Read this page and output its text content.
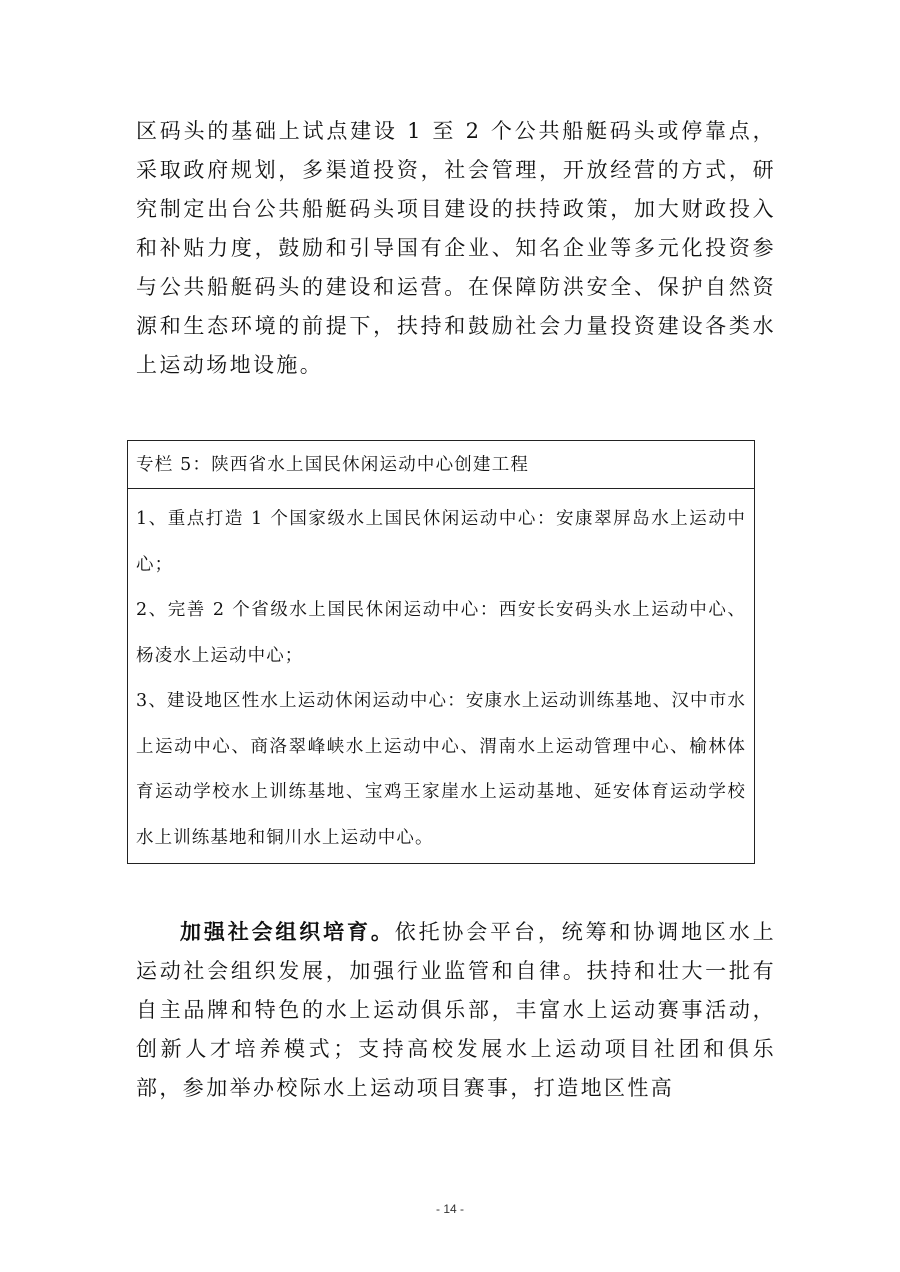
区码头的基础上试点建设 1 至 2 个公共船艇码头或停靠点，采取政府规划，多渠道投资，社会管理，开放经营的方式，研究制定出台公共船艇码头项目建设的扶持政策，加大财政投入和补贴力度，鼓励和引导国有企业、知名企业等多元化投资参与公共船艇码头的建设和运营。在保障防洪安全、保护自然资源和生态环境的前提下，扶持和鼓励社会力量投资建设各类水上运动场地设施。

专栏 5：陕西省水上国民休闲运动中心创建工程

1、重点打造 1 个国家级水上国民休闲运动中心：安康翠屏岛水上运动中心；

2、完善 2 个省级水上国民休闲运动中心：西安长安码头水上运动中心、杨凌水上运动中心；

3、建设地区性水上运动休闲运动中心：安康水上运动训练基地、汉中市水上运动中心、商洛翠峰峡水上运动中心、渭南水上运动管理中心、榆林体育运动学校水上训练基地、宝鸡王家崖水上运动基地、延安体育运动学校水上训练基地和铜川水上运动中心。

加强社会组织培育。依托协会平台，统筹和协调地区水上运动社会组织发展，加强行业监管和自律。扶持和壮大一批有自主品牌和特色的水上运动俱乐部，丰富水上运动赛事活动，创新人才培养模式；支持高校发展水上运动项目社团和俱乐部，参加举办校际水上运动项目赛事，打造地区性高

- 14 -
